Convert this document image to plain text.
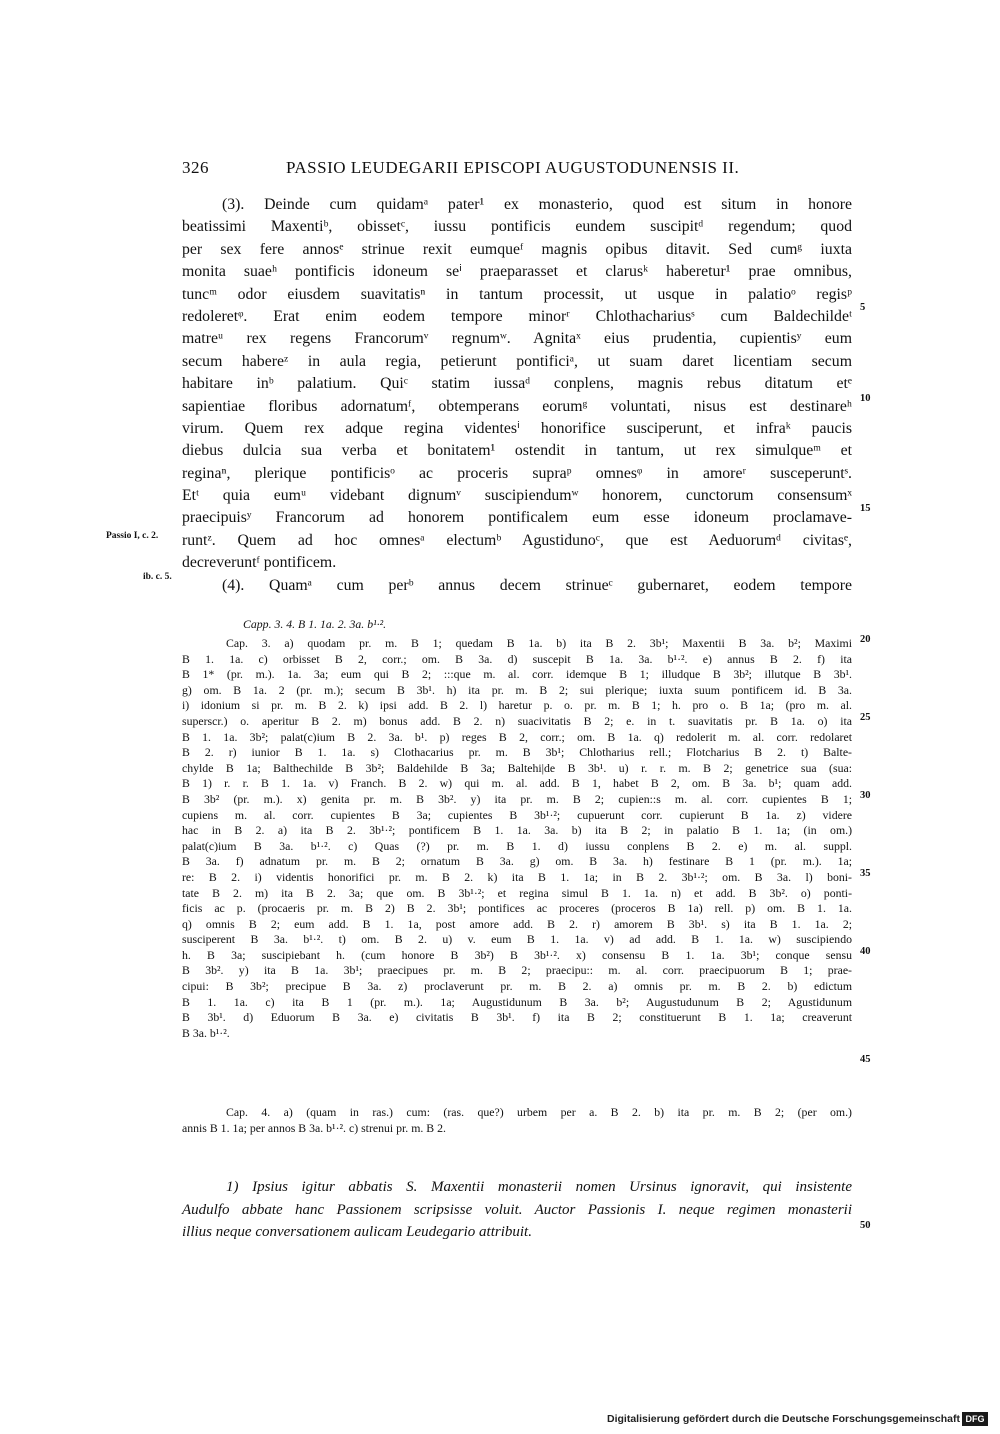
326	PASSIO LEUDEGARII EPISCOPI AUGUSTODUNENSIS II.
(3). Deinde cum quidamᵃ pater¹ ex monasterio, quod est situm in honore
beatissimi Maxentiᵇ, obissetᶜ, iussu pontificis eundem suscipitᵈ regendum; quod
per sex fere annosᵉ strinue rexit eumqueᶠ magnis opibus ditavit. Sed cumᵍ iuxta
monita suaeʰ pontificis idoneum seⁱ praeparasset et clarusᵏ haberetur¹ prae omnibus,
tuncᵐ odor eiusdem suavitatisⁿ in tantum processit, ut usque in palatioᵒ regisᵖ
redoleretᵠ. Erat enim eodem tempore minorʳ Chlothachariusˢ cum Baldechildeᵗ
matreᵘ rex regens Francorumᵛ regnumʷ. Agnitaˣ eius prudentia, cupientisʸ eum
secum habereᶻ in aula regia, petierunt pontificiᵃ, ut suam daret licentiam secum
habitare inᵇ palatium. Quiᶜ statim iussaᵈ conplens, magnis rebus ditatum etᵉ
sapientiae floribus adornatumᶠ, obtemperans eorumᵍ voluntati, nisus est destinareʰ
virum. Quem rex adque regina videntesⁱ honorifice susciperunt, et infraᵏ paucis
diebus dulcia sua verba et bonitatem¹ ostendit in tantum, ut rex simulqueᵐ et
reginaⁿ, plerique pontificisᵒ ac proceris supraᵖ omnesᵠ in amoreʳ susceperuntˢ.
Etᵗ quia eumᵘ videbant dignumᵛ suscipiendumʷ honorem, cunctorum consensumˣ
praecipuisʸ Francorum ad honorem pontificalem eum esse idoneum proclamave-
runtᶻ. Quem ad hoc omnesᵃ electumᵇ Agustidunoᶜ, que est Aeduorumᵈ civitasᵉ,
decreveruntᶠ pontificem.
(4). Quamᵃ cum perᵇ annus decem strinueᶜ gubernaret, eodem tempore
Passio I, c. 2.
ib. c. 5.
5
10
15
20
25
30
35
40
45
50
Capp. 3. 4. B 1. 1a. 2. 3a. b¹·².
Cap. 3. a) quodam pr. m. B 1; quedam B 1a. b) ita B 2. 3b¹; Maxentii B 3a. b²; Maximi
B 1. 1a. c) orbisset B 2, corr.; om. B 3a. d) suscepit B 1a. 3a. b¹·². e) annus B 2. f) ita
B 1* (pr. m.). 1a. 3a; eum qui B 2; :::que m. al. corr. idemque B 1; illudque B 3b²; illutque B 3b¹.
g) om. B 1a. 2 (pr. m.); secum B 3b¹. h) ita pr. m. B 2; sui plerique; iuxta suum pontificem id. B 3a.
i) idonium si pr. m. B 2. k) ipsi add. B 2. l) haretur p. o. pr. m. B 1; h. pro o. B 1a; (pro m. al.
superscr.) o. aperitur B 2. m) bonus add. B 2. n) suacivitatis B 2; e. in t. suavitatis pr. B 1a. o) ita
B 1. 1a. 3b²; palat(c)ium B 2. 3a. b¹. p) reges B 2, corr.; om. B 1a. q) redolerit m. al. corr. redolaret
B 2. r) iunior B 1. 1a. s) Clothacarius pr. m. B 3b¹; Chlotharius rell.; Flotcharius B 2. t) Balte-
chylde B 1a; Balthechilde B 3b²; Baldehilde B 3a; Baltehi|de B 3b¹. u) r. r. m. B 2; genetrice sua (sua:
B 1) r. r. B 1. 1a. v) Franch. B 2. w) qui m. al. add. B 1, habet B 2, om. B 3a. b¹; quam add.
B 3b² (pr. m.). x) genita pr. m. B 3b². y) ita pr. m. B 2; cupien::s m. al. corr. cupientes B 1;
cupiens m. al. corr. cupientes B 3a; cupientes B 3b¹·²; cupuerunt corr. cupierunt B 1a. z) videre
hac in B 2. a) ita B 2. 3b¹·²; pontificem B 1. 1a. 3a. b) ita B 2; in palatio B 1. 1a; (in om.)
palat(c)ium B 3a. b¹·². c) Quas (?) pr. m. B 1. d) iussu conplens B 2. e) m. al. suppl.
B 3a. f) adnatum pr. m. B 2; ornatum B 3a. g) om. B 3a. h) festinare B 1 (pr. m.). 1a;
re: B 2. i) videntis honorifici pr. m. B 2. k) ita B 1. 1a; in B 2. 3b¹·²; om. B 3a. l) boni-
tate B 2. m) ita B 2. 3a; que om. B 3b¹·²; et regina simul B 1. 1a. n) et add. B 3b². o) ponti-
ficis ac p. (procaeris pr. m. B 2) B 2. 3b¹; pontifices ac proceres (proceros B 1a) rell. p) om. B 1. 1a.
q) omnis B 2; eum add. B 1. 1a, post amore add. B 2. r) amorem B 3b¹. s) ita B 1. 1a. 2;
susciperent B 3a. b¹·². t) om. B 2. u) v. eum B 1. 1a. v) ad add. B 1. 1a. w) suscipiendo
h. B 3a; suscipiebant h. (cum honore B 3b²) B 3b¹·². x) consensu B 1. 1a. 3b¹; conque sensu
B 3b². y) ita B 1a. 3b¹; praecipues pr. m. B 2; praecipu:: m. al. corr. praecipuorum B 1; prae-
cipui: B 3b²; precipue B 3a. z) proclaverunt pr. m. B 2. a) omnis pr. m. B 2. b) edictum
B 1. 1a. c) ita B 1 (pr. m.). 1a; Augustidunum B 3a. b²; Augustudunum B 2; Agustidunum
B 3b¹. d) Eduorum B 3a. e) civitatis B 3b¹. f) ita B 2; constituerunt B 1. 1a; creaverunt
B 3a. b¹·².
Cap. 4. a) (quam in ras.) cum: (ras. que?) urbem per a. B 2. b) ita pr. m. B 2; (per om.)
annis B 1. 1a; per annos B 3a. b¹·². c) strenui pr. m. B 2.
1) Ipsius igitur abbatis S. Maxentii monasterii nomen Ursinus ignoravit, qui insistente
Audulfo abbate hanc Passionem scripsisse voluit. Auctor Passionis I. neque regimen monasterii
illius neque conversationem aulicam Leudegario attribuit.
Digitalisierung gefördert durch die Deutsche Forschungsgemeinschaft DFG
